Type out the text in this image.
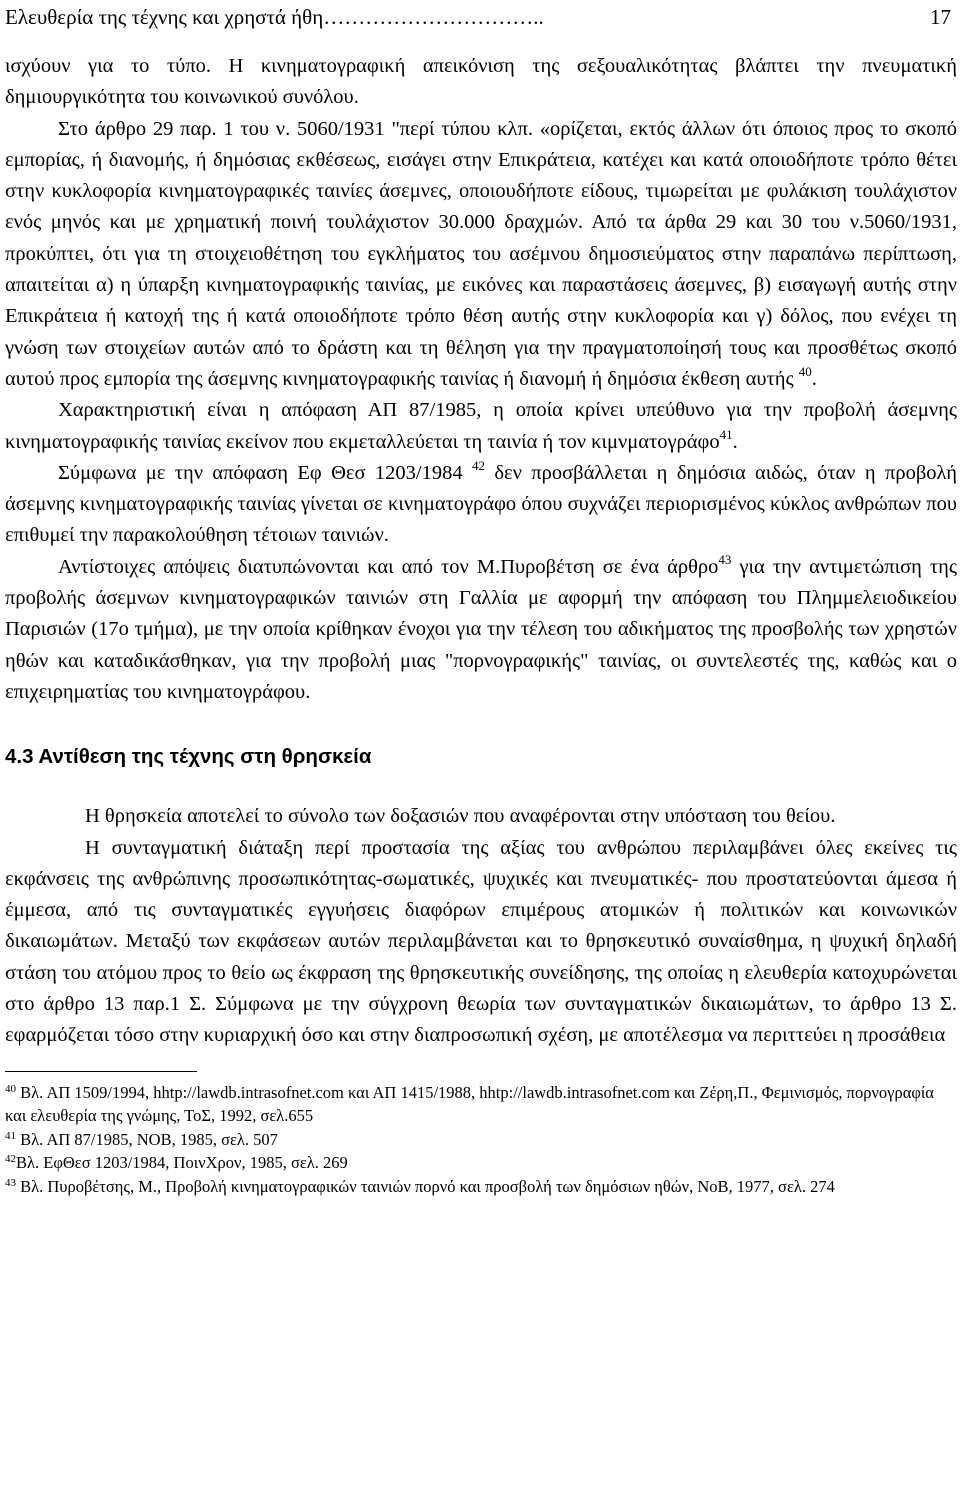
Ελευθερία της τέχνης και χρηστά ήθη…………………………..	17

ισχύουν για το τύπο. Η κινηματογραφική απεικόνιση της σεξουαλικότητας βλάπτει την πνευματική δημιουργικότητα του κοινωνικού συνόλου.

Στο άρθρο 29 παρ. 1 του ν. 5060/1931 "περί τύπου κλπ. «ορίζεται, εκτός άλλων ότι όποιος προς το σκοπό εμπορίας, ή διανομής, ή δημόσιας εκθέσεως, εισάγει στην Επικράτεια, κατέχει και κατά οποιοδήποτε τρόπο θέτει στην κυκλοφορία κινηματογραφικές ταινίες άσεμνες, οποιουδήποτε είδους, τιμωρείται με φυλάκιση τουλάχιστον ενός μηνός και με χρηματική ποινή τουλάχιστον 30.000 δραχμών. Από τα άρθα 29 και 30 του ν.5060/1931, προκύπτει, ότι για τη στοιχειοθέτηση του εγκλήματος του ασέμνου δημοσιεύματος στην παραπάνω περίπτωση, απαιτείται α) η ύπαρξη κινηματογραφικής ταινίας, με εικόνες και παραστάσεις άσεμνες, β) εισαγωγή αυτής στην Επικράτεια ή κατοχή της ή κατά οποιοδήποτε τρόπο θέση αυτής στην κυκλοφορία και γ) δόλος, που ενέχει τη γνώση των στοιχείων αυτών από το δράστη και τη θέληση για την πραγματοποίησή τους και προσθέτως σκοπό αυτού προς εμπορία της άσεμνης κινηματογραφικής ταινίας ή διανομή ή δημόσια έκθεση αυτής $^{40}$.

Χαρακτηριστική είναι η απόφαση ΑΠ 87/1985, η οποία κρίνει υπεύθυνο για την προβολή άσεμνης κινηματογραφικής ταινίας εκείνον που εκμεταλλεύεται τη ταινία ή τον κιμνματογράφο$^{41}$.

Σύμφωνα με την απόφαση Εφ Θεσ 1203/1984 $^{42}$ δεν προσβάλλεται η δημόσια αιδώς, όταν η προβολή άσεμνης κινηματογραφικής ταινίας γίνεται σε κινηματογράφο όπου συχνάζει περιορισμένος κύκλος ανθρώπων που επιθυμεί την παρακολούθηση τέτοιων ταινιών.

Αντίστοιχες απόψεις διατυπώνονται και από τον Μ.Πυροβέτση σε ένα άρθρο$^{43}$ για την αντιμετώπιση της προβολής άσεμνων κινηματογραφικών ταινιών στη Γαλλία με αφορμή την απόφαση του Πλημμελειοδικείου Παρισιών (17ο τμήμα), με την οποία κρίθηκαν ένοχοι για την τέλεση του αδικήματος της προσβολής των χρηστών ηθών και καταδικάσθηκαν, για την προβολή μιας "πορνογραφικής" ταινίας, οι συντελεστές της, καθώς και ο επιχειρηματίας του κινηματογράφου.

4.3 Αντίθεση της τέχνης στη θρησκεία

Η θρησκεία αποτελεί το σύνολο των δοξασιών που αναφέρονται στην υπόσταση του θείου.

Η συνταγματική διάταξη περί προστασία της αξίας του ανθρώπου περιλαμβάνει όλες εκείνες τις εκφάνσεις της ανθρώπινης προσωπικότητας-σωματικές, ψυχικές και πνευματικές- που προστατεύονται άμεσα ή έμμεσα, από τις συνταγματικές εγγυήσεις διαφόρων επιμέρους ατομικών ή πολιτικών και κοινωνικών δικαιωμάτων. Μεταξύ των εκφάσεων αυτών περιλαμβάνεται και το θρησκευτικό συναίσθημα, η ψυχική δηλαδή στάση του ατόμου προς το θείο ως έκφραση της θρησκευτικής συνείδησης, της οποίας η ελευθερία κατοχυρώνεται στο άρθρο 13 παρ.1 Σ. Σύμφωνα με την σύγχρονη θεωρία των συνταγματικών δικαιωμάτων, το άρθρο 13 Σ. εφαρμόζεται τόσο στην κυριαρχική όσο και στην διαπροσωπική σχέση, με αποτέλεσμα να περιττεύει η προσάθεια

$^{40}$ Βλ. ΑΠ 1509/1994, hhtp://lawdb.intrasofnet.com και ΑΠ 1415/1988, hhtp://lawdb.intrasofnet.com και Ζέρη,Π., Φεμινισμός, πορνογραφία και ελευθερία της γνώμης, ΤοΣ, 1992, σελ.655

$^{41}$ Βλ. ΑΠ 87/1985, ΝΟΒ, 1985, σελ. 507

$^{42}$Βλ. ΕφΘεσ 1203/1984, ΠοινΧρον, 1985, σελ. 269

$^{43}$ Βλ. Πυροβέτσης, Μ., Προβολή κινηματογραφικών ταινιών πορνό και προσβολή των δημόσιων ηθών, ΝοΒ, 1977, σελ. 274
